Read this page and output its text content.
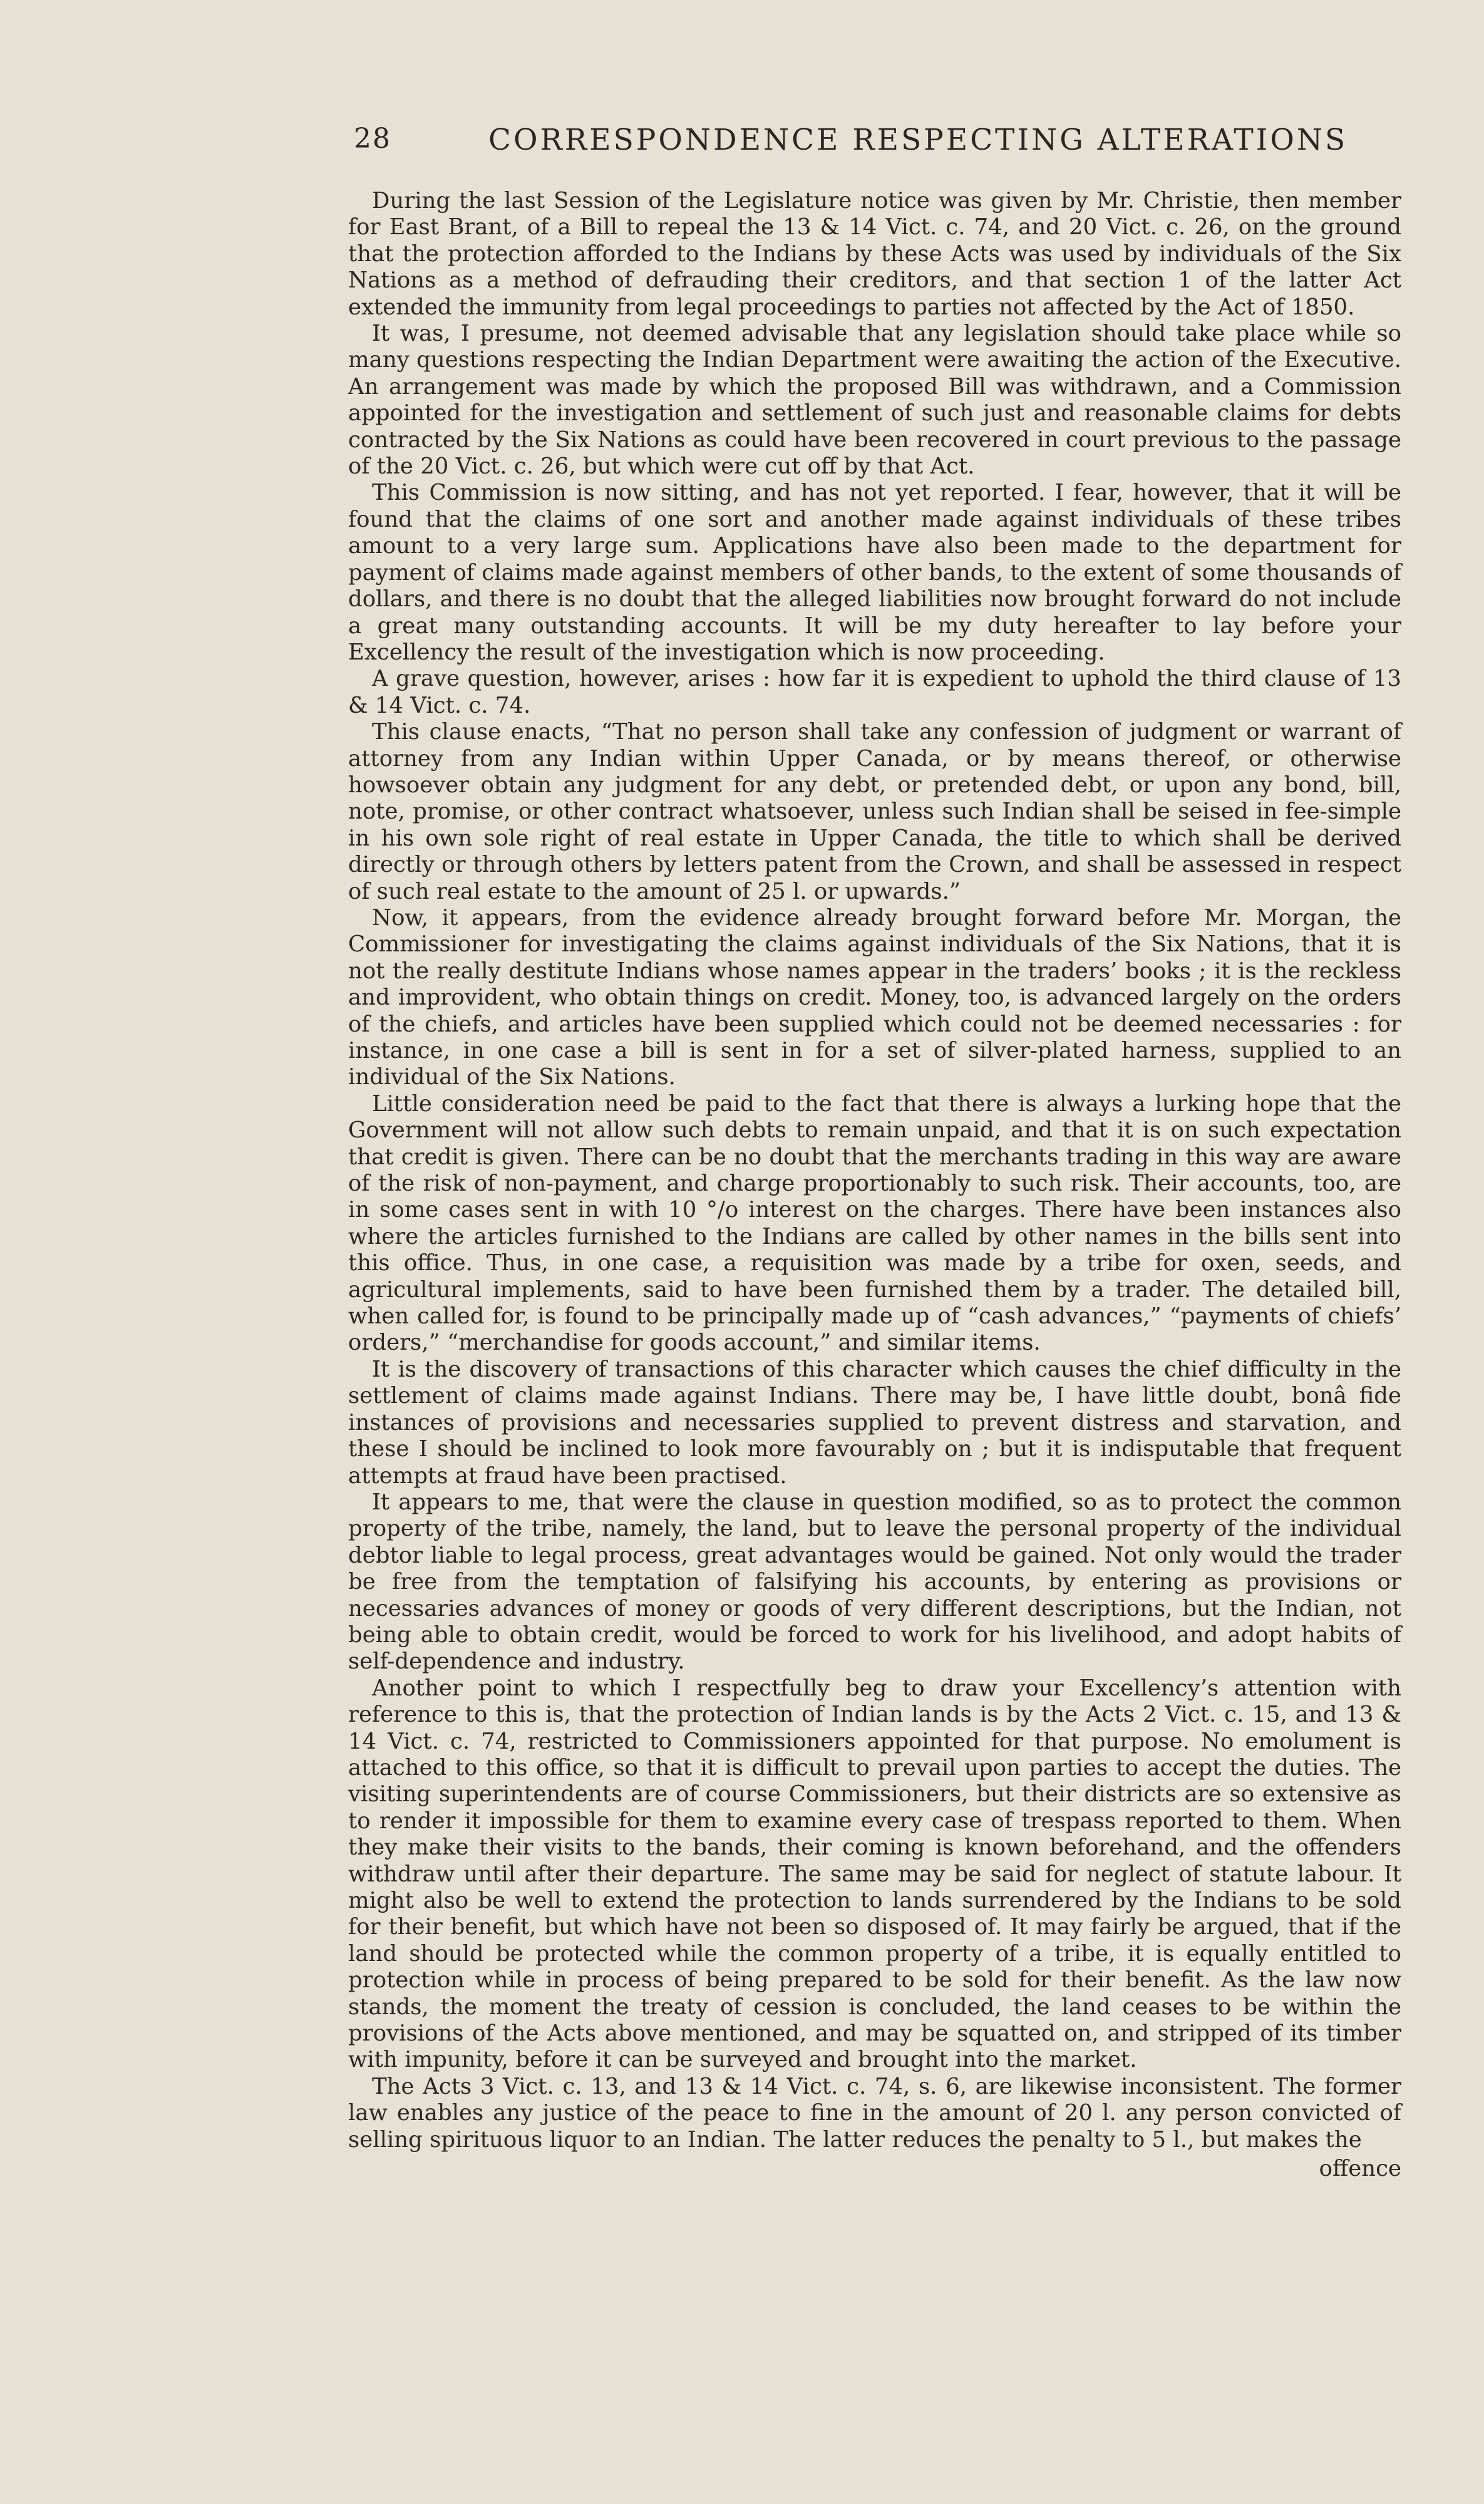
28	CORRESPONDENCE RESPECTING ALTERATIONS

During the last Session of the Legislature notice was given by Mr. Christie, then member for East Brant, of a Bill to repeal the 13 & 14 Vict. c. 74, and 20 Vict. c. 26, on the ground that the protection afforded to the Indians by these Acts was used by individuals of the Six Nations as a method of defrauding their creditors, and that section 1 of the latter Act extended the immunity from legal proceedings to parties not affected by the Act of 1850.

It was, I presume, not deemed advisable that any legislation should take place while so many questions respecting the Indian Department were awaiting the action of the Executive. An arrangement was made by which the proposed Bill was withdrawn, and a Commission appointed for the investigation and settlement of such just and reasonable claims for debts contracted by the Six Nations as could have been recovered in court previous to the passage of the 20 Vict. c. 26, but which were cut off by that Act.

This Commission is now sitting, and has not yet reported. I fear, however, that it will be found that the claims of one sort and another made against individuals of these tribes amount to a very large sum. Applications have also been made to the department for payment of claims made against members of other bands, to the extent of some thousands of dollars, and there is no doubt that the alleged liabilities now brought forward do not include a great many outstanding accounts. It will be my duty hereafter to lay before your Excellency the result of the investigation which is now proceeding.

A grave question, however, arises : how far it is expedient to uphold the third clause of 13 & 14 Vict. c. 74.

This clause enacts, “That no person shall take any confession of judgment or warrant of attorney from any Indian within Upper Canada, or by means thereof, or otherwise howsoever obtain any judgment for any debt, or pretended debt, or upon any bond, bill, note, promise, or other contract whatsoever, unless such Indian shall be seised in fee-simple in his own sole right of real estate in Upper Canada, the title to which shall be derived directly or through others by letters patent from the Crown, and shall be assessed in respect of such real estate to the amount of 25 l. or upwards.”

Now, it appears, from the evidence already brought forward before Mr. Morgan, the Commissioner for investigating the claims against individuals of the Six Nations, that it is not the really destitute Indians whose names appear in the traders’ books ; it is the reckless and improvident, who obtain things on credit. Money, too, is advanced largely on the orders of the chiefs, and articles have been supplied which could not be deemed necessaries : for instance, in one case a bill is sent in for a set of silver-plated harness, supplied to an individual of the Six Nations.

Little consideration need be paid to the fact that there is always a lurking hope that the Government will not allow such debts to remain unpaid, and that it is on such expectation that credit is given. There can be no doubt that the merchants trading in this way are aware of the risk of non-payment, and charge proportionably to such risk. Their accounts, too, are in some cases sent in with 10 °/o interest on the charges. There have been instances also where the articles furnished to the Indians are called by other names in the bills sent into this office. Thus, in one case, a requisition was made by a tribe for oxen, seeds, and agricultural implements, said to have been furnished them by a trader. The detailed bill, when called for, is found to be principally made up of “cash advances,” “payments of chiefs’ orders,” “merchandise for goods account,” and similar items.

It is the discovery of transactions of this character which causes the chief difficulty in the settlement of claims made against Indians. There may be, I have little doubt, bonâ fide instances of provisions and necessaries supplied to prevent distress and starvation, and these I should be inclined to look more favourably on ; but it is indisputable that frequent attempts at fraud have been practised.

It appears to me, that were the clause in question modified, so as to protect the common property of the tribe, namely, the land, but to leave the personal property of the individual debtor liable to legal process, great advantages would be gained. Not only would the trader be free from the temptation of falsifying his accounts, by entering as provisions or necessaries advances of money or goods of very different descriptions, but the Indian, not being able to obtain credit, would be forced to work for his livelihood, and adopt habits of self-dependence and industry.

Another point to which I respectfully beg to draw your Excellency’s attention with reference to this is, that the protection of Indian lands is by the Acts 2 Vict. c. 15, and 13 & 14 Vict. c. 74, restricted to Commissioners appointed for that purpose. No emolument is attached to this office, so that it is difficult to prevail upon parties to accept the duties. The visiting superintendents are of course Commissioners, but their districts are so extensive as to render it impossible for them to examine every case of trespass reported to them. When they make their visits to the bands, their coming is known beforehand, and the offenders withdraw until after their departure. The same may be said for neglect of statute labour. It might also be well to extend the protection to lands surrendered by the Indians to be sold for their benefit, but which have not been so disposed of. It may fairly be argued, that if the land should be protected while the common property of a tribe, it is equally entitled to protection while in process of being prepared to be sold for their benefit. As the law now stands, the moment the treaty of cession is concluded, the land ceases to be within the provisions of the Acts above mentioned, and may be squatted on, and stripped of its timber with impunity, before it can be surveyed and brought into the market.

The Acts 3 Vict. c. 13, and 13 & 14 Vict. c. 74, s. 6, are likewise inconsistent. The former law enables any justice of the peace to fine in the amount of 20 l. any person convicted of selling spirituous liquor to an Indian. The latter reduces the penalty to 5 l., but makes the

offence
